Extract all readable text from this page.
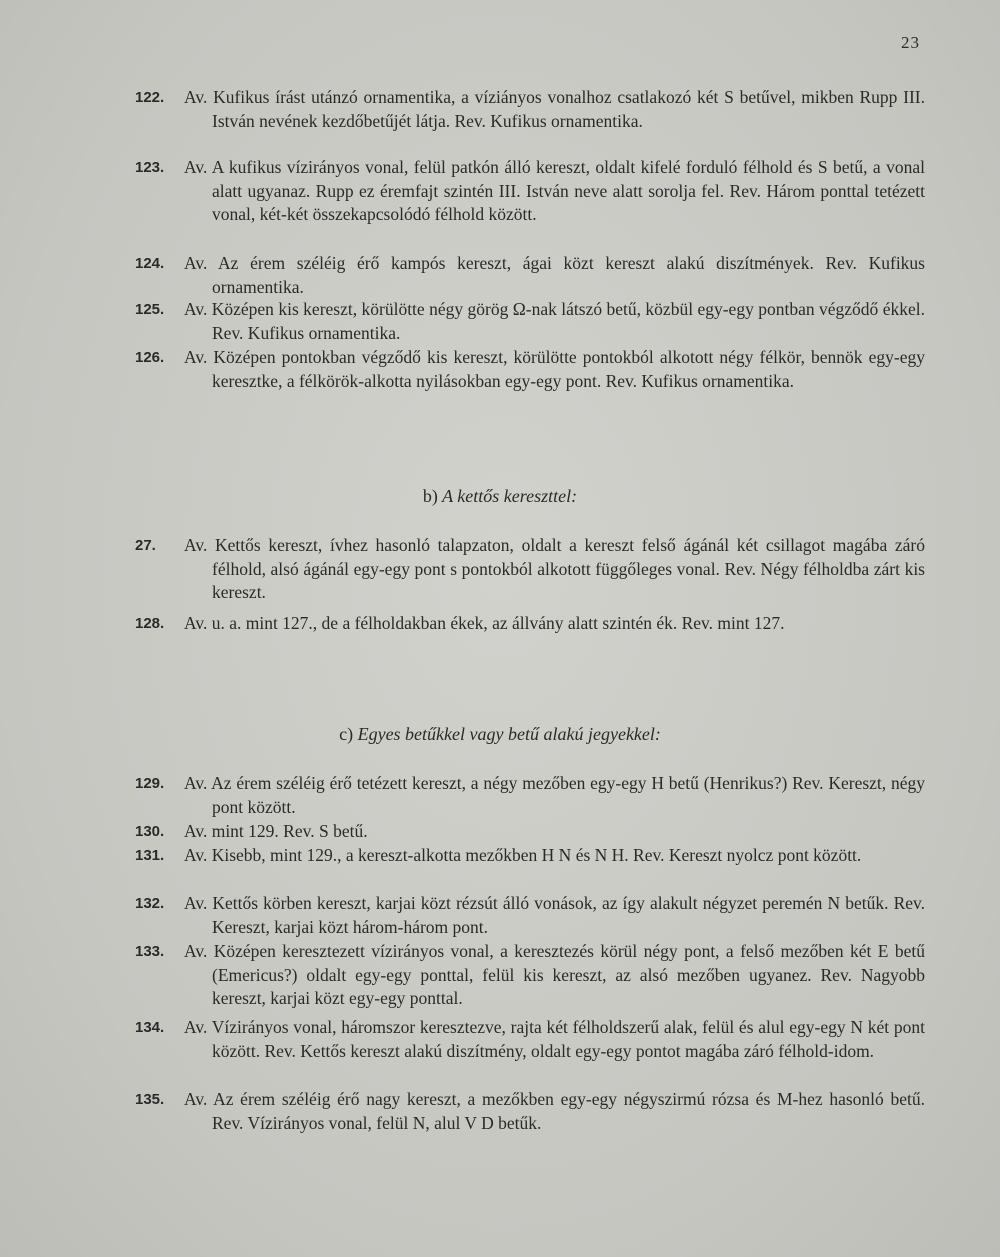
23
122.	Av. Kufikus írást utánzó ornamentika, a víziányos vonalhoz csatlakozó két S betűvel, mikben Rupp III. István nevének kezdőbetűjét látja. Rev. Kufikus ornamentika.
123.	Av. A kufikus vízirányos vonal, felül patkón álló kereszt, oldalt kifelé forduló félhold és S betű, a vonal alatt ugyanaz. Rupp ez éremfajt szintén III. István neve alatt sorolja fel. Rev. Három ponttal tetézett vonal, két-két összekapcsolódó félhold között.
124.	Av. Az érem széléig érő kampós kereszt, ágai közt kereszt alakú diszítmények. Rev. Kufikus ornamentika.
125.	Av. Középen kis kereszt, körülötte négy görög Ω-nak látszó betű, közbül egy-egy pontban végződő ékkel. Rev. Kufikus ornamentika.
126.	Av. Középen pontokban végződő kis kereszt, körülötte pontokból alkotott négy félkör, bennök egy-egy keresztke, a félkörök-alkotta nyilásokban egy-egy pont. Rev. Kufikus ornamentika.
b) A kettős kereszttel:
27.	Av. Kettős kereszt, ívhez hasonló talapzaton, oldalt a kereszt felső ágánál két csillagot magába záró félhold, alsó ágánál egy-egy pont s pontokból alkotott függőleges vonal. Rev. Négy félholdba zárt kis kereszt.
128.	Av. u. a. mint 127., de a félholdakban ékek, az állvány alatt szintén ék. Rev. mint 127.
c) Egyes betűkkel vagy betű alakú jegyekkel:
129.	Av. Az érem széléig érő tetézett kereszt, a négy mezőben egy-egy H betű (Henrikus?) Rev. Kereszt, négy pont között.
130.	Av. mint 129. Rev. S betű.
131.	Av. Kisebb, mint 129., a kereszt-alkotta mezőkben H N és N H. Rev. Kereszt nyolcz pont között.
132.	Av. Kettős körben kereszt, karjai közt rézsút álló vonások, az így alakult négyzet peremén N betűk. Rev. Kereszt, karjai közt három-három pont.
133.	Av. Középen keresztezett vízirányos vonal, a keresztezés körül négy pont, a felső mezőben két E betű (Emericus?) oldalt egy-egy ponttal, felül kis kereszt, az alsó mezőben ugyanez. Rev. Nagyobb kereszt, karjai közt egy-egy ponttal.
134.	Av. Vízirányos vonal, háromszor keresztezve, rajta két félholdszerű alak, felül és alul egy-egy N két pont között. Rev. Kettős kereszt alakú diszítmény, oldalt egy-egy pontot magába záró félhold-idom.
135.	Av. Az érem széléig érő nagy kereszt, a mezőkben egy-egy négyszirmú rózsa és M-hez hasonló betű. Rev. Vízirányos vonal, felül N, alul V D betűk.
